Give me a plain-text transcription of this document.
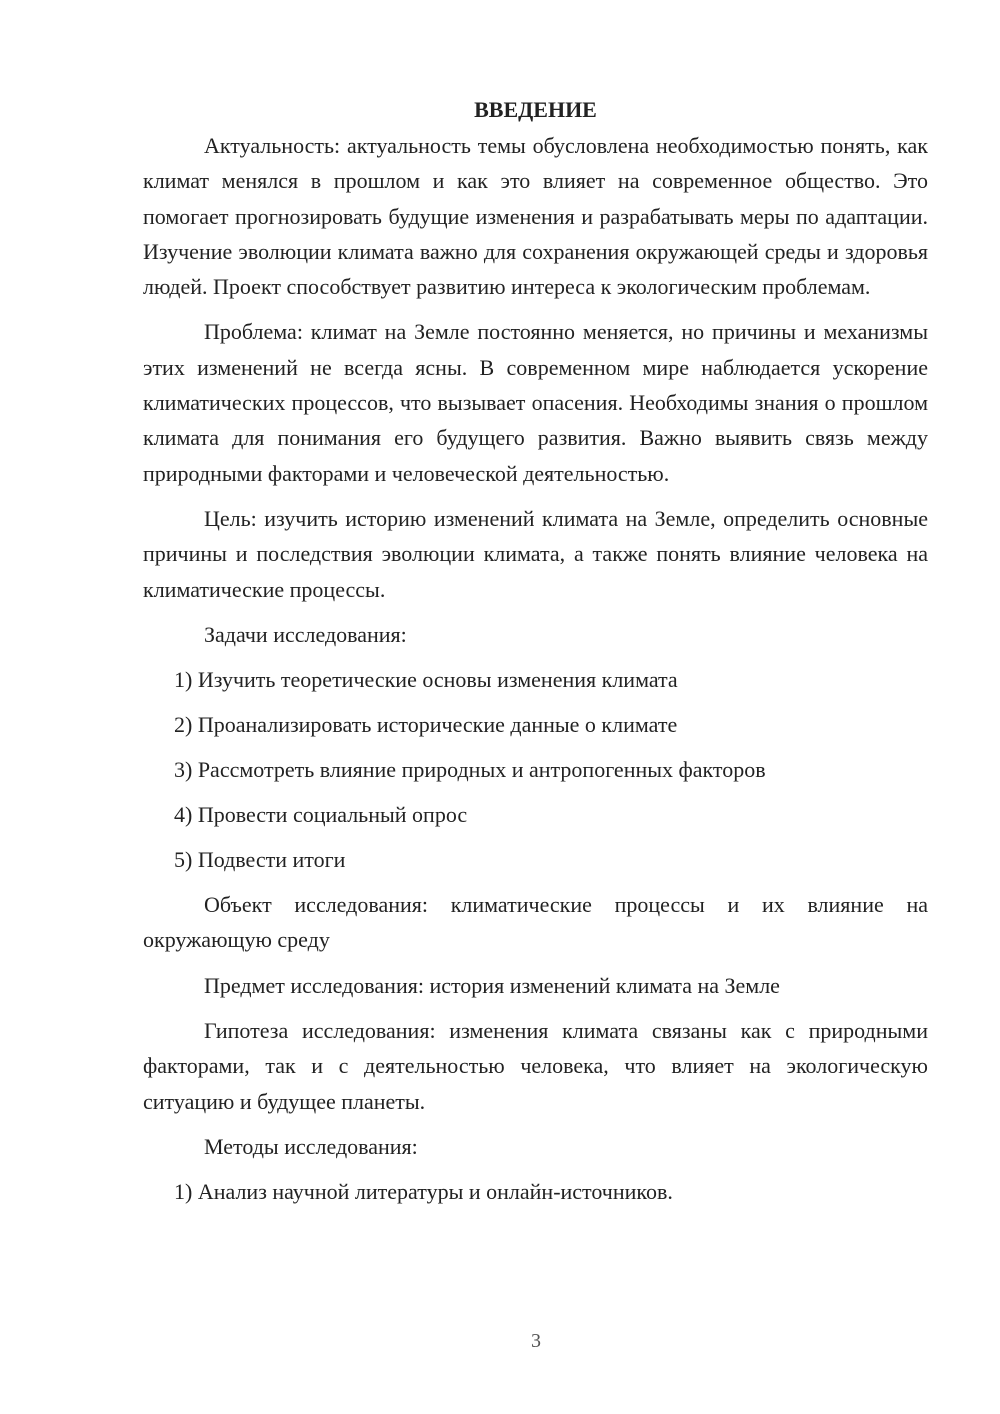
ВВЕДЕНИЕ

Актуальность: актуальность темы обусловлена необходимостью понять, как климат менялся в прошлом и как это влияет на современное общество. Это помогает прогнозировать будущие изменения и разрабатывать меры по адаптации. Изучение эволюции климата важно для сохранения окружающей среды и здоровья людей. Проект способствует развитию интереса к экологическим проблемам.

Проблема: климат на Земле постоянно меняется, но причины и механизмы этих изменений не всегда ясны. В современном мире наблюдается ускорение климатических процессов, что вызывает опасения. Необходимы знания о прошлом климата для понимания его будущего развития. Важно выявить связь между природными факторами и человеческой деятельностью.

Цель: изучить историю изменений климата на Земле, определить основные причины и последствия эволюции климата, а также понять влияние человека на климатические процессы.

Задачи исследования:
1) Изучить теоретические основы изменения климата
2) Проанализировать исторические данные о климате
3) Рассмотреть влияние природных и антропогенных факторов
4) Провести социальный опрос
5) Подвести итоги

Объект исследования: климатические процессы и их влияние на окружающую среду

Предмет исследования: история изменений климата на Земле

Гипотеза исследования: изменения климата связаны как с природными факторами, так и с деятельностью человека, что влияет на экологическую ситуацию и будущее планеты.

Методы исследования:
1) Анализ научной литературы и онлайн-источников.
3
